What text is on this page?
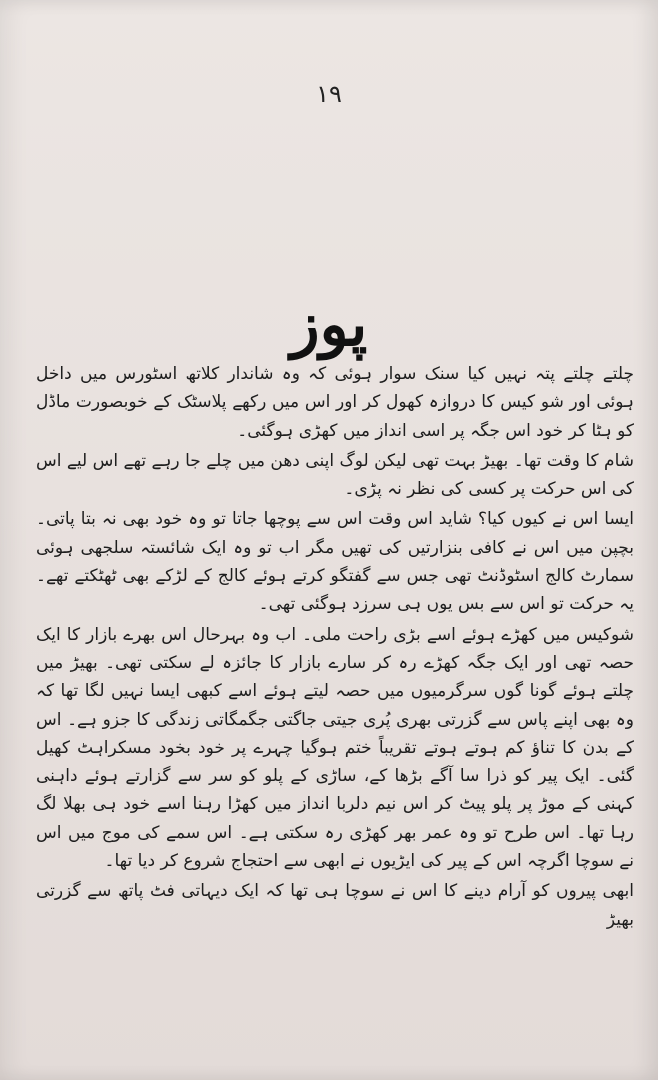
۱۹
پوز

چلتے چلتے پتہ نہیں کیا سنک سوار ہوئی کہ وہ شاندار کلاتھ اسٹورس میں داخل ہوئی اور شو کیس کا دروازہ کھول کر اور اس میں رکھے پلاسٹک کے خوبصورت ماڈل کو ہٹا کر خود اس جگہ پر اسی انداز میں کھڑی ہوگئی۔

شام کا وقت تھا۔ بھیڑ بہت تھی لیکن لوگ اپنی دھن میں چلے جا رہے تھے اس لیے اس کی اس حرکت پر کسی کی نظر نہ پڑی۔

ایسا اس نے کیوں کیا؟ شاید اس وقت اس سے پوچھا جاتا تو وہ خود بھی نہ بتا پاتی۔ بچپن میں اس نے کافی بنزارتیں کی تھیں مگر اب تو وہ ایک شائستہ سلجھی ہوئی سمارٹ کالج اسٹوڈنٹ تھی جس سے گفتگو کرتے ہوئے کالج کے لڑکے بھی ٹھٹکتے تھے۔ یہ حرکت تو اس سے بس یوں ہی سرزد ہوگئی تھی۔

شوکیس میں کھڑے ہوئے اسے بڑی راحت ملی۔ اب وہ بہرحال اس بھرے بازار کا ایک حصہ تھی اور ایک جگہ کھڑے رہ کر سارے بازار کا جائزہ لے سکتی تھی۔ بھیڑ میں چلتے ہوئے گونا گوں سرگرمیوں میں حصہ لیتے ہوئے اسے کبھی ایسا نہیں لگا تھا کہ وہ بھی اپنے پاس سے گزرتی بھری پُری جیتی جاگتی جگمگاتی زندگی کا جزو ہے۔ اس کے بدن کا تناؤ کم ہوتے ہوتے تقریباً ختم ہوگیا چہرے پر خود بخود مسکراہٹ کھیل گئی۔ ایک پیر کو ذرا سا آگے بڑھا کے، ساڑی کے پلو کو سر سے گزارتے ہوئے داہنی کہنی کے موڑ پر پلو پیٹ کر اس نیم دلربا انداز میں کھڑا رہنا اسے خود ہی بھلا لگ رہا تھا۔ اس طرح تو وہ عمر بھر کھڑی رہ سکتی ہے۔ اس سمے کی موج میں اس نے سوچا اگرچہ اس کے پیر کی ایڑیوں نے ابھی سے احتجاج شروع کر دیا تھا۔

ابھی پیروں کو آرام دینے کا اس نے سوچا ہی تھا کہ ایک دیہاتی فٹ پاتھ سے گزرتی بھیڑ
